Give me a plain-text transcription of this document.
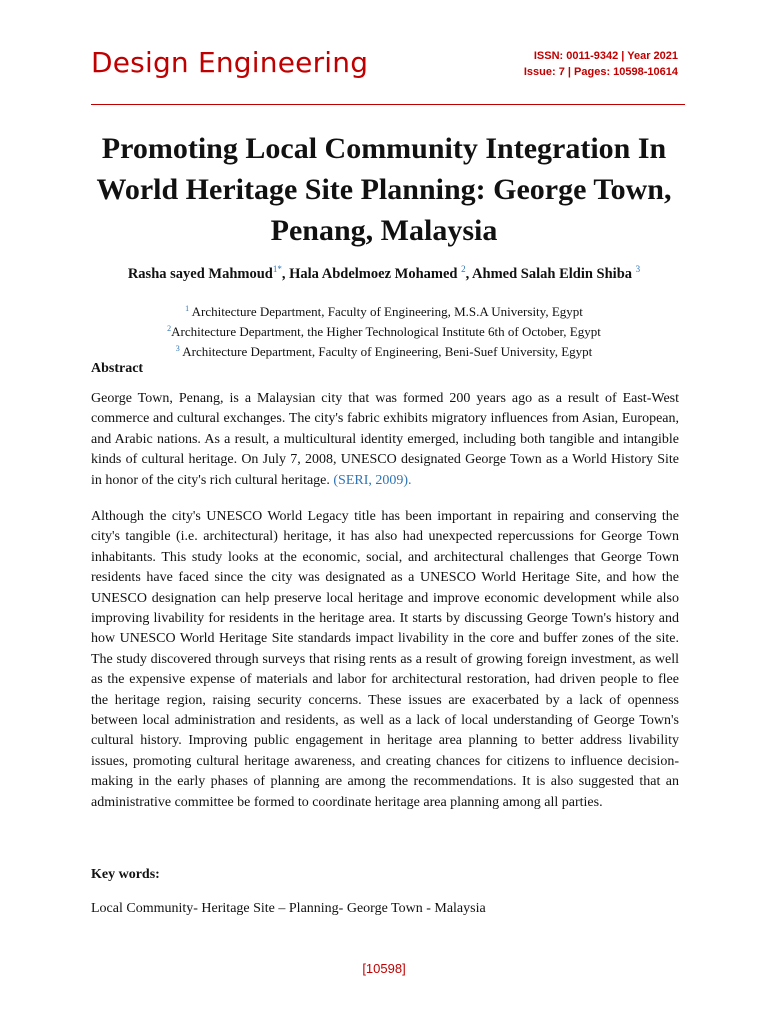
Design Engineering	ISSN: 0011-9342 | Year 2021
Issue: 7 | Pages: 10598-10614
Promoting Local Community Integration In World Heritage Site Planning: George Town, Penang, Malaysia
Rasha sayed Mahmoud$^{1*}$, Hala Abdelmoez Mohamed $^2$, Ahmed Salah Eldin Shiba $^3$
$^1$ Architecture Department, Faculty of Engineering, M.S.A University, Egypt
$^2$Architecture Department, the Higher Technological Institute 6th of October, Egypt
$^3$ Architecture Department, Faculty of Engineering, Beni-Suef University, Egypt
Abstract
George Town, Penang, is a Malaysian city that was formed 200 years ago as a result of East-West commerce and cultural exchanges. The city's fabric exhibits migratory influences from Asian, European, and Arabic nations. As a result, a multicultural identity emerged, including both tangible and intangible kinds of cultural heritage. On July 7, 2008, UNESCO designated George Town as a World History Site in honor of the city's rich cultural heritage. (SERI, 2009).
Although the city's UNESCO World Legacy title has been important in repairing and conserving the city's tangible (i.e. architectural) heritage, it has also had unexpected repercussions for George Town inhabitants. This study looks at the economic, social, and architectural challenges that George Town residents have faced since the city was designated as a UNESCO World Heritage Site, and how the UNESCO designation can help preserve local heritage and improve economic development while also improving livability for residents in the heritage area. It starts by discussing George Town's history and how UNESCO World Heritage Site standards impact livability in the core and buffer zones of the site. The study discovered through surveys that rising rents as a result of growing foreign investment, as well as the expensive expense of materials and labor for architectural restoration, had driven people to flee the heritage region, raising security concerns. These issues are exacerbated by a lack of openness between local administration and residents, as well as a lack of local understanding of George Town's cultural history. Improving public engagement in heritage area planning to better address livability issues, promoting cultural heritage awareness, and creating chances for citizens to influence decision-making in the early phases of planning are among the recommendations. It is also suggested that an administrative committee be formed to coordinate heritage area planning among all parties.
Key words:
Local Community- Heritage Site – Planning- George Town - Malaysia
[10598]
